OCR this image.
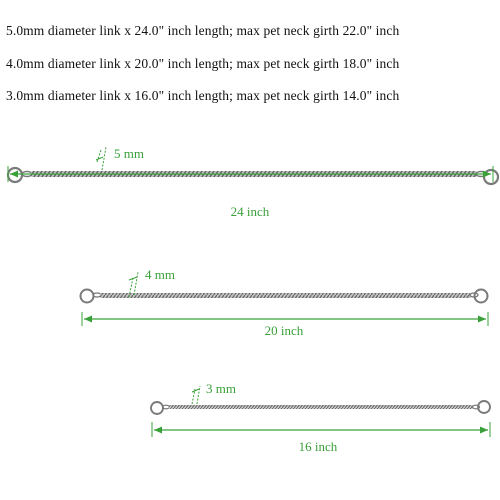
5.0mm diameter link x 24.0" inch length; max pet neck girth 22.0" inch
4.0mm diameter link x 20.0" inch length; max pet neck girth 18.0" inch
3.0mm diameter link x 16.0" inch length; max pet neck girth 14.0" inch
5 mm
24 inch
4 mm
20 inch
3 mm
16 inch
